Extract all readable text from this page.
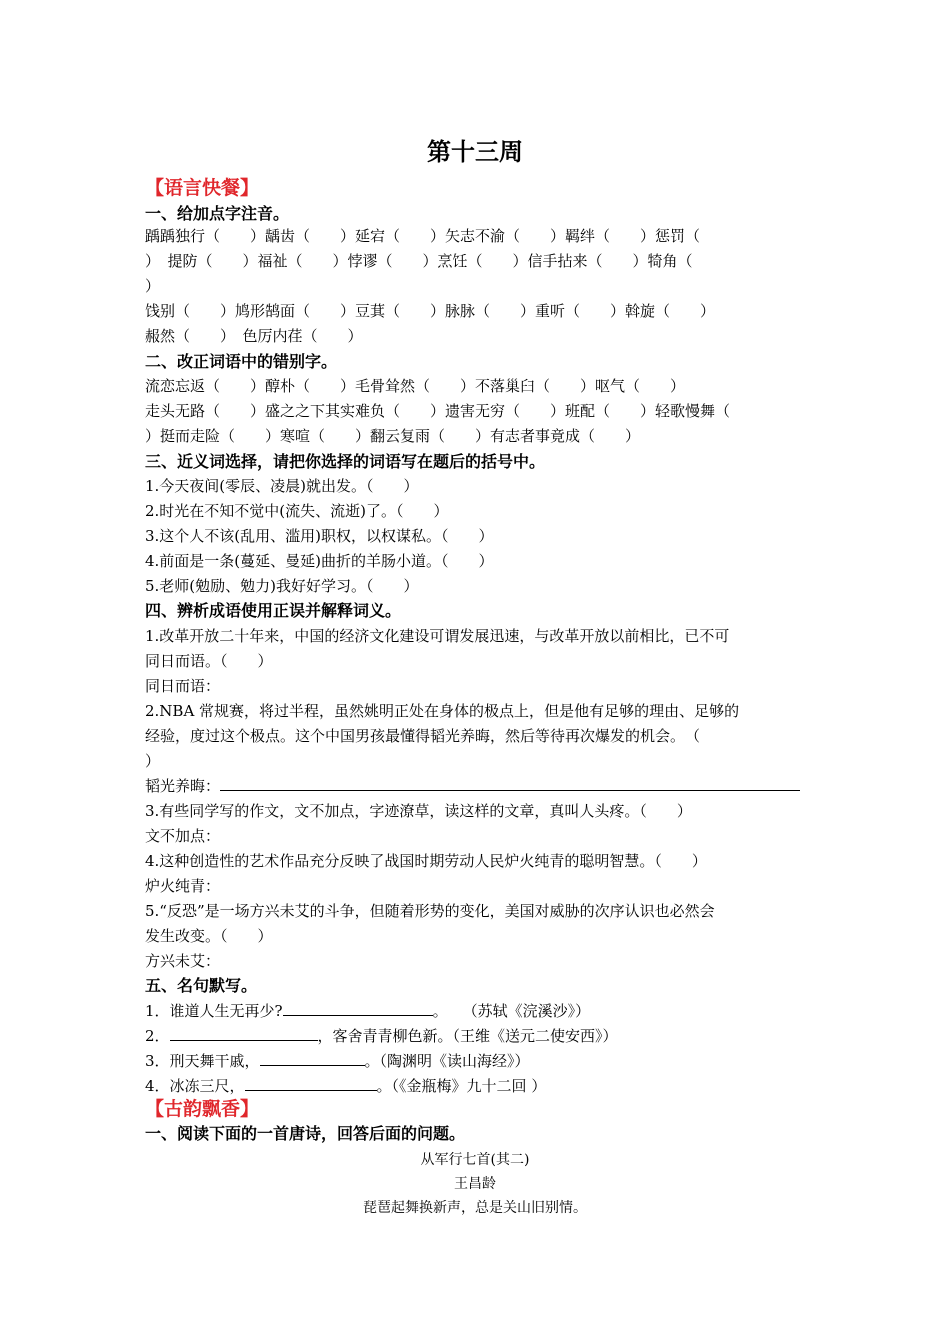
第十三周
【语言快餐】
一、给加点字注音。
踽踽独行（　　）龋齿（　　）延宕（　　）矢志不渝（　　）羁绊（　　）惩罚（
）　提防（　　）福祉（　　）悖谬（　　）烹饪（　　）信手拈来（　　）犄角（
）
饯别（　　）鸠形鹄面（　　）豆萁（　　）脉脉（　　）重听（　　）斡旋（　　）
赧然（　　）　色厉内荏（　　）
二、改正词语中的错别字。
流恋忘返（　　）醇朴（　　）毛骨耸然（　　）不落巢臼（　　）呕气（　　）
走头无路（　　）盛之之下其实难负（　　）遗害无穷（　　）班配（　　）轻歌慢舞（
）挺而走险（　　）寒喧（　　）翻云复雨（　　）有志者事竟成（　　）
三、近义词选择，请把你选择的词语写在题后的括号中。
1.今天夜间(零辰、凌晨)就出发。（　　）
2.时光在不知不觉中(流失、流逝)了。（　　）
3.这个人不该(乱用、滥用)职权，以权谋私。（　　）
4.前面是一条(蔓延、曼延)曲折的羊肠小道。（　　）
5.老师(勉励、勉力)我好好学习。（　　）
四、辨析成语使用正误并解释词义。
1.改革开放二十年来，中国的经济文化建设可谓发展迅速，与改革开放以前相比，已不可
同日而语。（　　）
同日而语：
2.NBA 常规赛，将过半程，虽然姚明正处在身体的极点上，但是他有足够的理由、足够的
经验，度过这个极点。这个中国男孩最懂得韬光养晦，然后等待再次爆发的机会。　（
）
韬光养晦：
3.有些同学写的作文，文不加点，字迹潦草，读这样的文章，真叫人头疼。（　　）
文不加点：
4.这种创造性的艺术作品充分反映了战国时期劳动人民炉火纯青的聪明智慧。（　　）
炉火纯青：
5.“反恐”是一场方兴未艾的斗争，但随着形势的变化，美国对威胁的次序认识也必然会
发生改变。（　　）
方兴未艾：
五、名句默写。
1．谁道人生无再少?	。　　（苏轼《浣溪沙》）
2．	，客舍青青柳色新。（王维《送元二使安西》）
3．刑天舞干戚，	。（陶渊明《读山海经》）
4．冰冻三尺，	。（《金瓶梅》九十二回 ）
【古韵飘香】
一、阅读下面的一首唐诗，回答后面的问题。
从军行七首(其二)
王昌龄
琵琶起舞换新声，总是关山旧别情。
